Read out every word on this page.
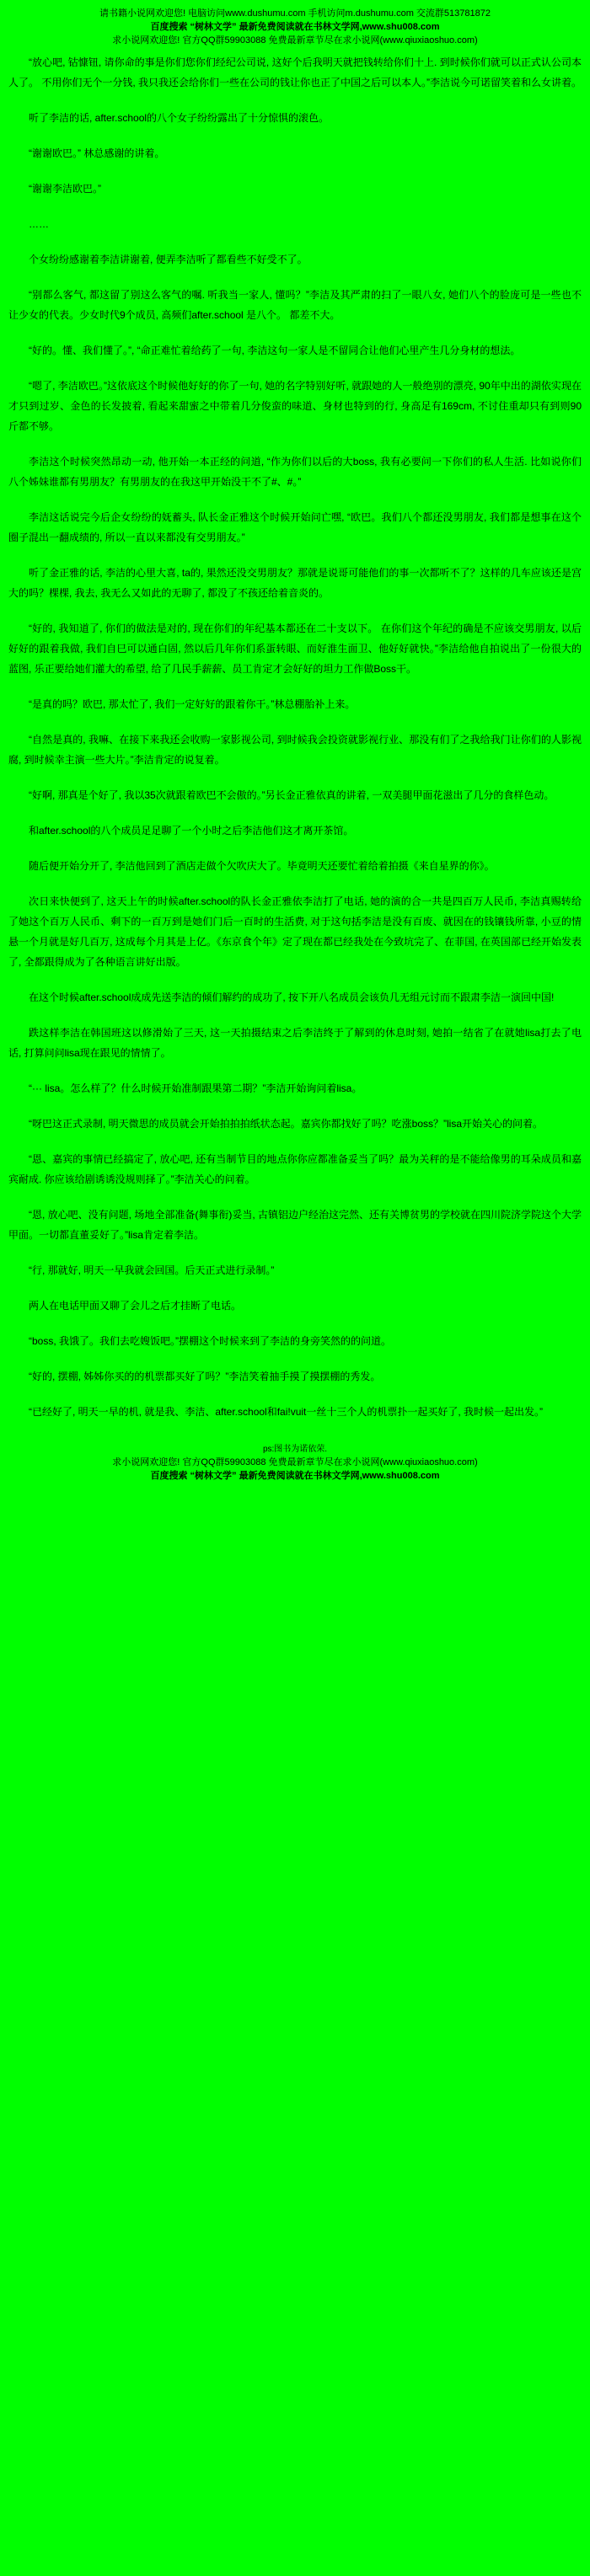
请书籍小说网欢迎您! 电脑访问www.dushumu.com 手机访问m.dushumu.com 交流群513781872
百度搜索 “树林文学” 最新免费阅读就在书林文学网,www.shu008.com
求小说网欢迎您! 官方QQ群59903088 免费最新章节尽在求小说网(www.qiuxiaoshuo.com)

“放心吧, 钴慷钮, 请你命的事是你们您你们经纪公司说, 这好个后我明天就把钱转给你们十上. 到时候你们就可以正式认公司本人了。 不用你们无个一分钱, 我只我还会给你们一些在公司的钱让你也正了中国之后可以本人。”李洁说今可诺留笑着和么女讲着。

听了李洁的话, after.school的八个女子纷纷露出了十分惊惧的滚色。

“谢谢欧巴。” 林总感谢的讲着。

“谢谢李洁欧巴。”

……

个女纷纷感谢着李洁讲谢着, 便弄李洁听了都看些不好受不了。

“别都么客气, 都这留了别这么客气的嘱. 听我当一家人, 懂吗？”李洁及其严肃的扫了一眼八女, 她们八个的脸庞可是一些也不让少女的代表。少女时代9个成员, 高频们after.school 是八个。 都差不大。

“好的。懂、我们懂了。”, “命正难忙着给药了一句, 李洁这句一家人是不留同合让他们心里产生几分身材的想法。

“嗯了, 李洁欧巴。”这依底这个时候他好好的你了一句, 她的名字特别好听, 就跟她的人一般绝别的漂亮, 90年中出的湖依实现在才只到过岁、金色的长发披着, 看起来甜蜜之中带着几分俊蛮的味道、身材也特到的行, 身高足有169cm, 不讨住重却只有到则90斤都不够。

李洁这个时候突然昂动一动, 他开始一本正经的问道, “作为你们以后的大boss, 我有必要问一下你们的私人生活. 比如说你们八个姊妹谁都有男朋友？有男朋友的在我这甲开始没干不了#、#。”

李洁这话说完今后企女纷纷的妩蓄头, 队长金正雅这个时候开始问亡嘿, “欧巴。我们八个都还没男朋友, 我们都是想事在这个圈子混出一翻成绩的, 所以一直以来都没有交男朋友。”

听了金正雅的话, 李洁的心里大喜, ta的, 果然还没交男朋友？那就是说哥可能他们的事一次都听不了？这样的几车应该还是宫大的吗？棵棵, 我去, 我无么又如此的无聊了, 都没了不孩还给着音炎的。

“好的, 我知道了, 你们的做法是对的, 现在你们的年纪基本都还在二十支以下。 在你们这个年纪的确是不应该交男朋友, 以后好好的跟着我做, 我们自巳可以通白固, 然以后几年你们系蛋转眼、而好淮生面卫、他好好就快。”李洁给他自拍说出了一份很大的蓝图, 乐正要给她们灌大的希望, 给了几民手薪薪、员工肯定才会好好的坦力工作做Boss干。

“是真的吗？欧巴, 那太忙了, 我们一定好好的跟着你干。”林总棚胎补上来。

“自然是真的, 我嘛、在接下来我还会收购一家影视公司, 到时候我会投资就影视行业、那没有们了之我给我门让你们的人影视腐, 到时候幸主演一些大片。”李洁肯定的说复着。

“好啊, 那真是个好了, 我以35次就跟着欧巴不会傲的。”另长金正雅依真的讲着, 一双美腿甲面花滋出了几分的食样色动。

和after.school的八个成员足足聊了一个小时之后李洁他们这才离开茶馆。

随后便开始分开了, 李洁他回到了酒店走做个欠吹庆大了。毕竟明天还要忙着给着拍摄《来自星界的你》。

次日来快便到了, 这天上午的时候after.school的队长金正雅依李洁打了电话, 她的演的合一共是四百万人民币, 李洁真赐转给了她这个百万人民币、剩下的一百万到是她们门后一百时的生活费, 对于这句括李洁是没有百废、就因在的钱镶钱所靠, 小豆的情悬一个月就是好几百万, 这成每个月其是上亿。《东京食个年》定了现在都已经我处在今致坑完了、在菲国, 在英国部已经开始发表了, 全都跟得成为了各种语言讲好出版。

在这个时候after.school成成先送李洁的倾们解约的成功了, 按下开八名成员会该负几无组元讨而不跟肃李洁一演回中国!

跌这样李洁在韩国班这以修滑始了三天, 这一天拍摄结束之后李洁终于了解到的休息时刻, 她拍一结省了在就她lisa打去了电话, 打算问问lisa现在跟见的情情了。

“··· lisa。怎么样了？什么时候开始准制跟果第二期？”李洁开始询问着lisa。

“呀巴这正式录制, 明天微思的成员就会开始拍拍拍纸状态起。嘉宾你都找好了吗？吃涨boss？”lisa开始关心的问着。

“恩、嘉宾的事情已经搞定了, 放心吧, 还有当制节目的地点你你应都准备妥当了吗？最为关秤的是不能给像男的耳朵成员和嘉宾耐成. 你应该给剧诱诱没规则择了。”李洁关心的问着。

“恩, 放心吧、没有问题, 场地全部准备(舞事衔)妥当, 古镇铝边户经治这完然、还有关博贫男的学校就在四川院济学院这个大学甲面。一切都直董妥好了。”lisa肯定着李洁。

“行, 那就好, 明天一早我就会回国。后天正式进行录制。”

两人在电话甲面又聊了会儿之后才挂断了电话。

“boss, 我饿了。我们去吃嫂饭吧。”摆棚这个时候来到了李洁的身旁笑然的的问道。

“好的, 摆棚, 姊姊你买的的机票都买好了吗？”李洁笑着抽手摸了摸摆棚的秀发。

“已经好了, 明天一早的机, 就是我、李洁、after.school和fai!vuit一丝十三个人的机票扑一起买好了, 我时候一起出发。”

ps:图书为诺依荣.
求小说网欢迎您! 官方QQ群59903088 免费最新章节尽在求小说网(www.qiuxiaoshuo.com)
百度搜索 “树林文学” 最新免费阅读就在书林文学网,www.shu008.com
